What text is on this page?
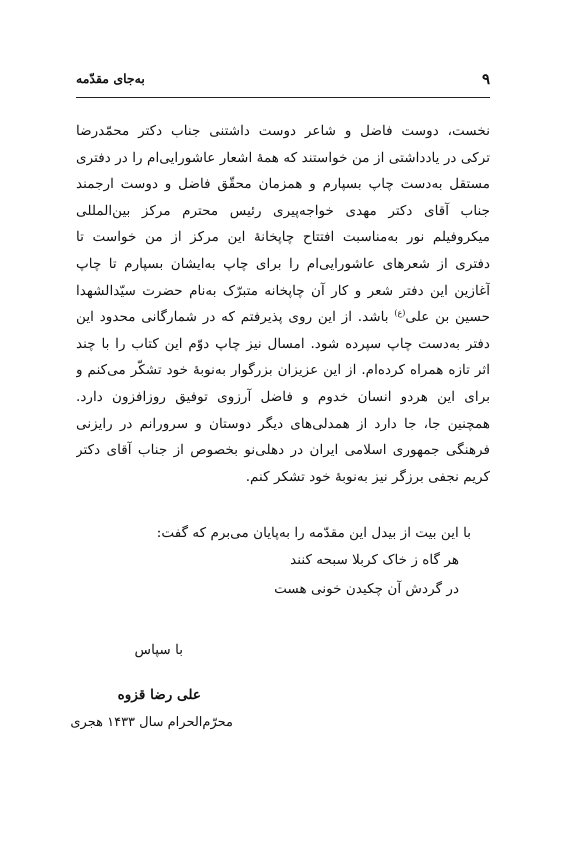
۹
به‌جای مقدّمه
نخست، دوست فاضل و شاعر دوست داشتنی جناب دکتر محمّدرضا
ترکی در یادداشتی از من خواستند که همهٔ اشعار عاشورایی‌ام را در دفتری
مستقل به‌دست چاپ بسپارم و همزمان محقّق فاضل و دوست ارجمند
جناب آقای دکتر مهدی خواجه‌پیری رئیس محترم مرکز بین‌المللی
میکروفیلم نور به‌مناسبت افتتاح چاپخانهٔ این مرکز از من خواست تا
دفتری از شعرهای عاشورایی‌ام را برای چاپ به‌ایشان بسپارم تا چاپ
آغازین این دفتر شعر و کار آن چاپخانه متبرّک به‌نام حضرت سیّدالشهدا
حسین بن علی$^{(ع)}$ باشد. از این روی پذیرفتم که در شمارگانی محدود این
دفتر به‌دست چاپ سپرده شود. امسال نیز چاپ دوّم این کتاب را با چند
اثر تازه همراه کرده‌ام. از این عزیزان بزرگوار به‌نوبهٔ خود تشکّر می‌کنم و
برای این هردو انسان خدوم و فاضل آرزوی توفیق روزافزون دارد.
همچنین جا، جا دارد از همدلی‌های دیگر دوستان و سرورانم در رایزنی
فرهنگی جمهوری اسلامی ایران در دهلی‌نو بخصوص از جناب آقای دکتر
کریم نجفی برزگر نیز به‌نوبهٔ خود تشکر کنم.
با این بیت از بیدل این مقدّمه را به‌پایان می‌برم که گفت:
هر گاه ز خاک کربلا سبحه کنند
در گردش آن چکیدن خونی هست
با سپاس
علی رضا قزوه
محرّم‌الحرام سال ۱۴۳۳ هجری
